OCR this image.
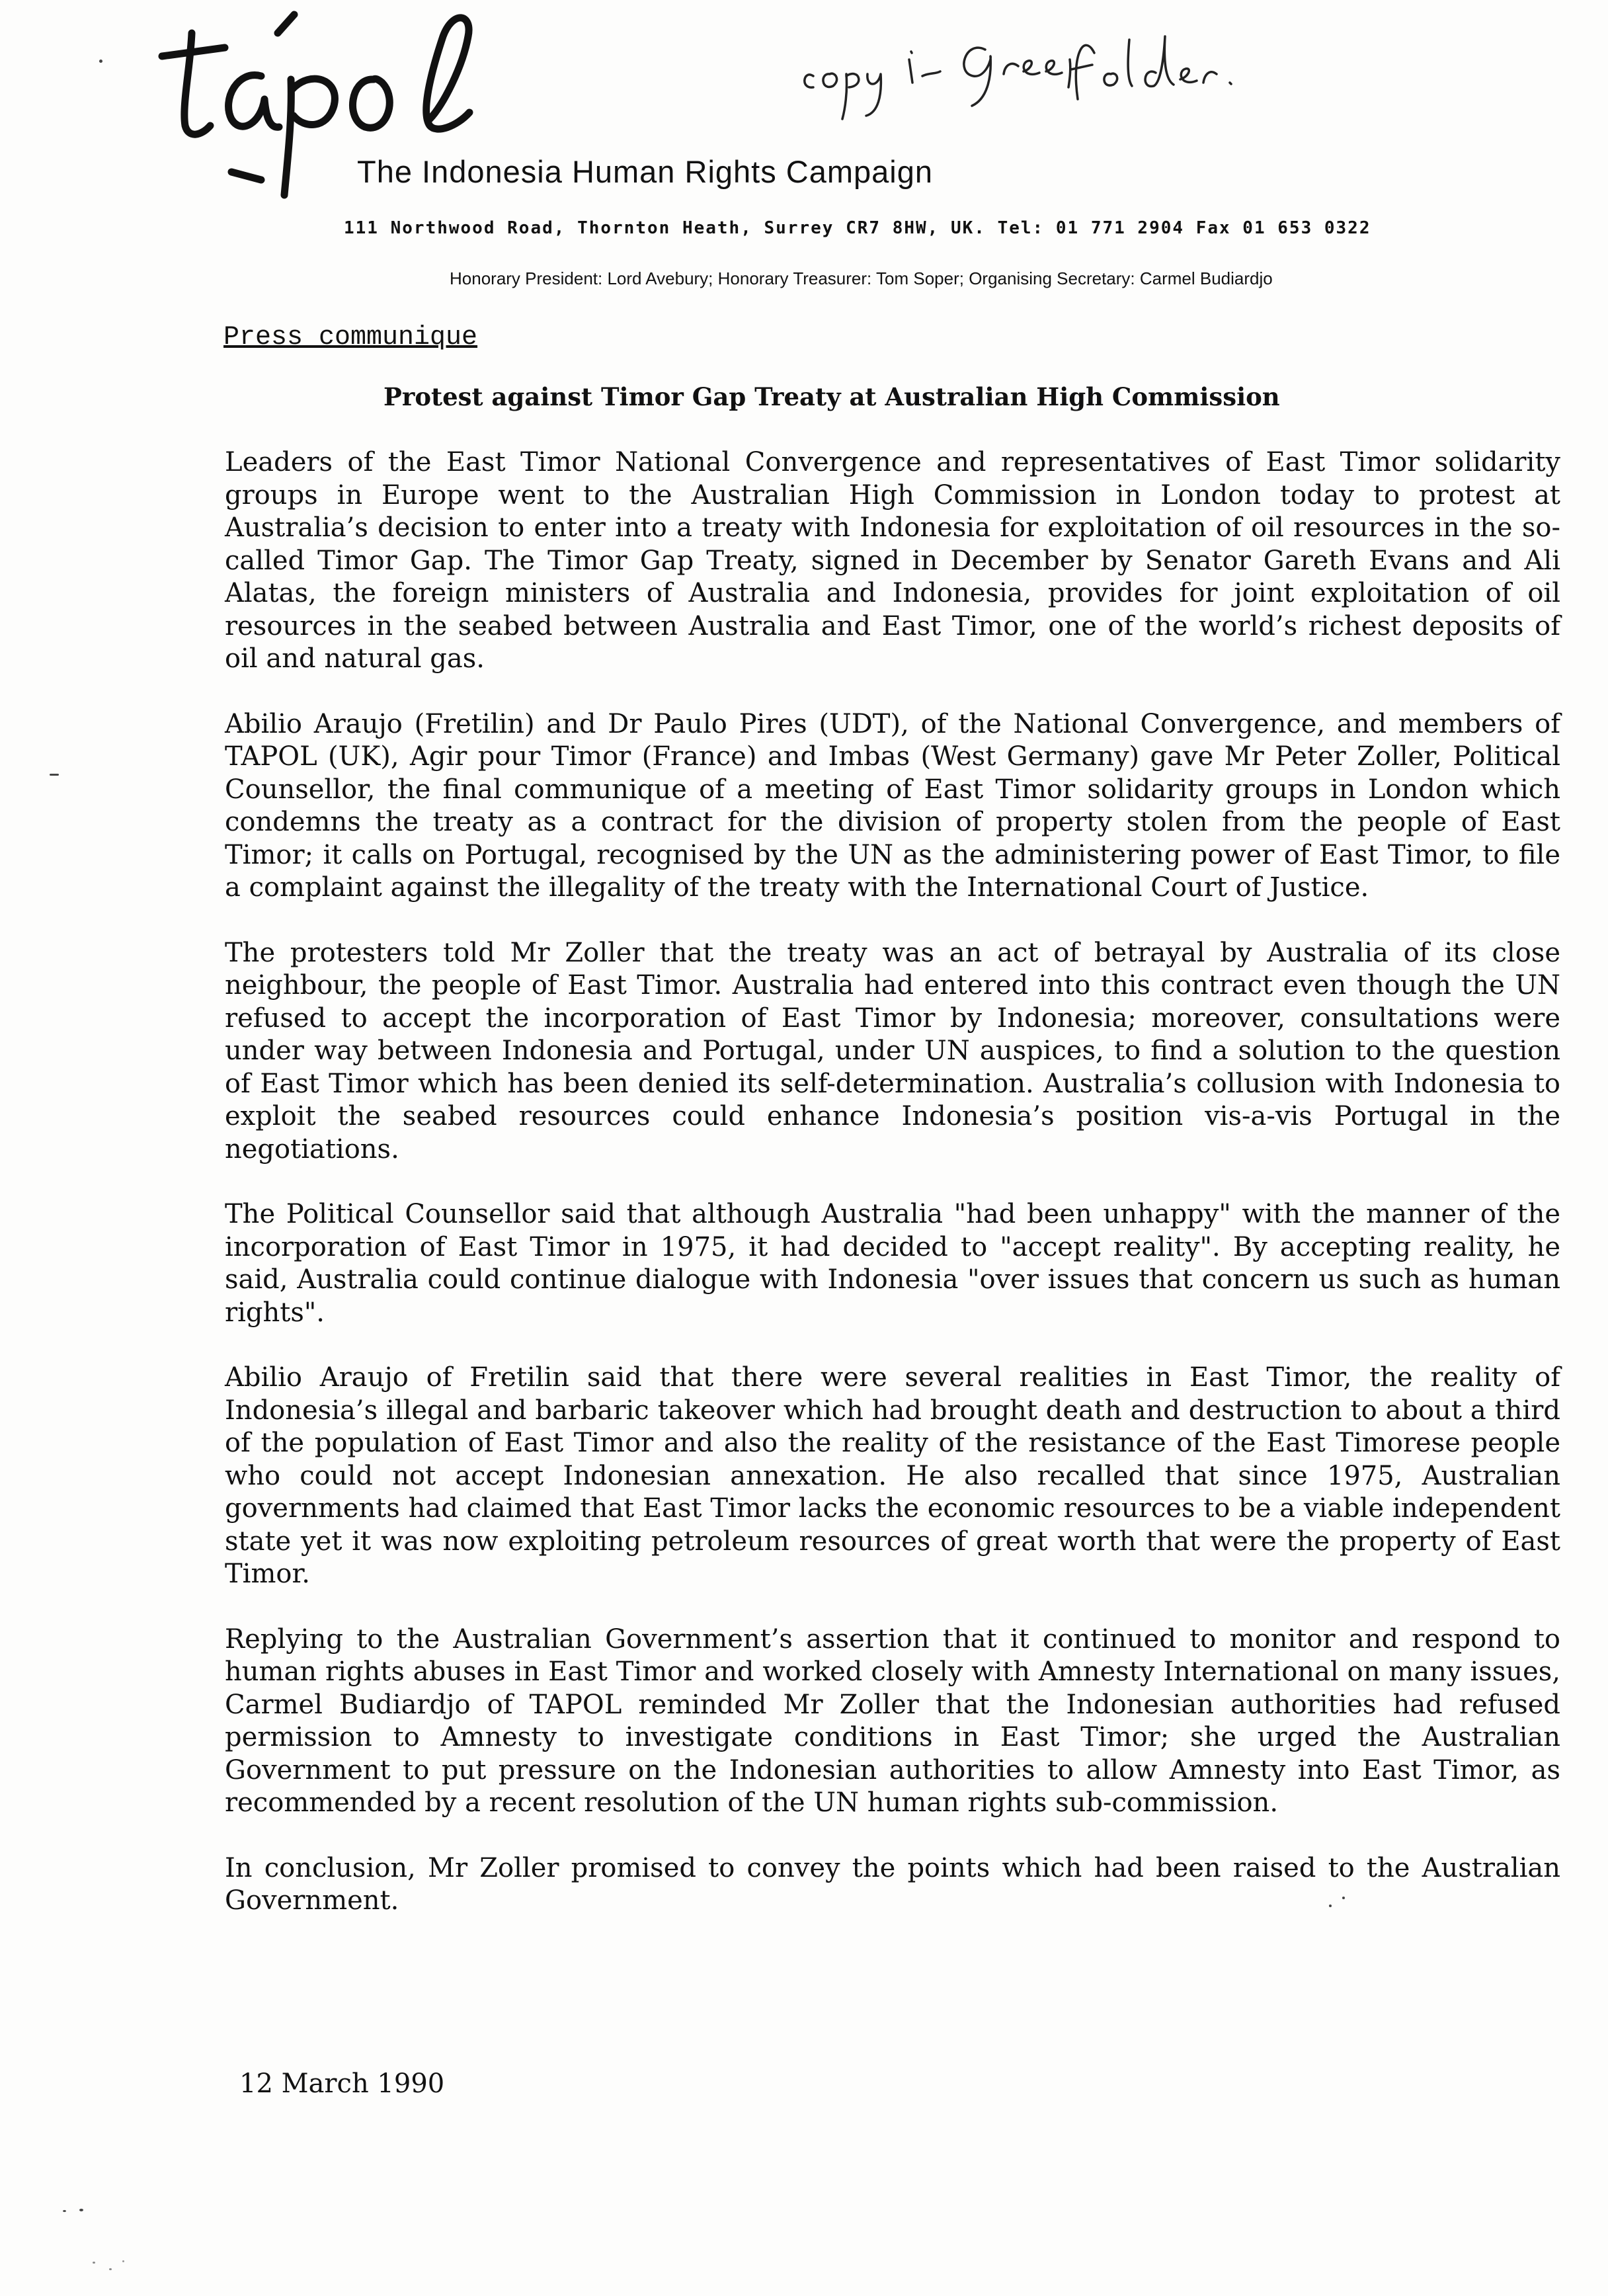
The Indonesia Human Rights Campaign
111 Northwood Road, Thornton Heath, Surrey CR7 8HW, UK. Tel: 01 771 2904 Fax 01 653 0322
Honorary President: Lord Avebury; Honorary Treasurer: Tom Soper; Organising Secretary: Carmel Budiardjo
Press communique
Protest against Timor Gap Treaty at Australian High Commission

Leaders of the East Timor National Convergence and representatives of East Timor solidarity groups in Europe went to the Australian High Commission in London today to protest at Australia’s decision to enter into a treaty with Indonesia for exploitation of oil resources in the so-called Timor Gap. The Timor Gap Treaty, signed in December by Senator Gareth Evans and Ali Alatas, the foreign ministers of Australia and Indonesia, provides for joint exploitation of oil resources in the seabed between Australia and East Timor, one of the world’s richest deposits of oil and natural gas.

Abilio Araujo (Fretilin) and Dr Paulo Pires (UDT), of the National Convergence, and members of TAPOL (UK), Agir pour Timor (France) and Imbas (West Germany) gave Mr Peter Zoller, Political Counsellor, the final communique of a meeting of East Timor solidarity groups in London which condemns the treaty as a contract for the division of property stolen from the people of East Timor; it calls on Portugal, recognised by the UN as the administering power of East Timor, to file a complaint against the illegality of the treaty with the International Court of Justice.

The protesters told Mr Zoller that the treaty was an act of betrayal by Australia of its close neighbour, the people of East Timor. Australia had entered into this contract even though the UN refused to accept the incorporation of East Timor by Indonesia; moreover, consultations were under way between Indonesia and Portugal, under UN auspices, to find a solution to the question of East Timor which has been denied its self-determination. Australia’s collusion with Indonesia to exploit the seabed resources could enhance Indonesia’s position vis-a-vis Portugal in the negotiations.

The Political Counsellor said that although Australia "had been unhappy" with the manner of the incorporation of East Timor in 1975, it had decided to "accept reality". By accepting reality, he said, Australia could continue dialogue with Indonesia "over issues that concern us such as human rights".

Abilio Araujo of Fretilin said that there were several realities in East Timor, the reality of Indonesia’s illegal and barbaric takeover which had brought death and destruction to about a third of the population of East Timor and also the reality of the resistance of the East Timorese people who could not accept Indonesian annexation. He also recalled that since 1975, Australian governments had claimed that East Timor lacks the economic resources to be a viable independent state yet it was now exploiting petroleum resources of great worth that were the property of East Timor.

Replying to the Australian Government’s assertion that it continued to monitor and respond to human rights abuses in East Timor and worked closely with Amnesty International on many issues, Carmel Budiardjo of TAPOL reminded Mr Zoller that the Indonesian authorities had refused permission to Amnesty to investigate conditions in East Timor; she urged the Australian Government to put pressure on the Indonesian authorities to allow Amnesty into East Timor, as recommended by a recent resolution of the UN human rights sub-commission.

In conclusion, Mr Zoller promised to convey the points which had been raised to the Australian Government.

12 March 1990
